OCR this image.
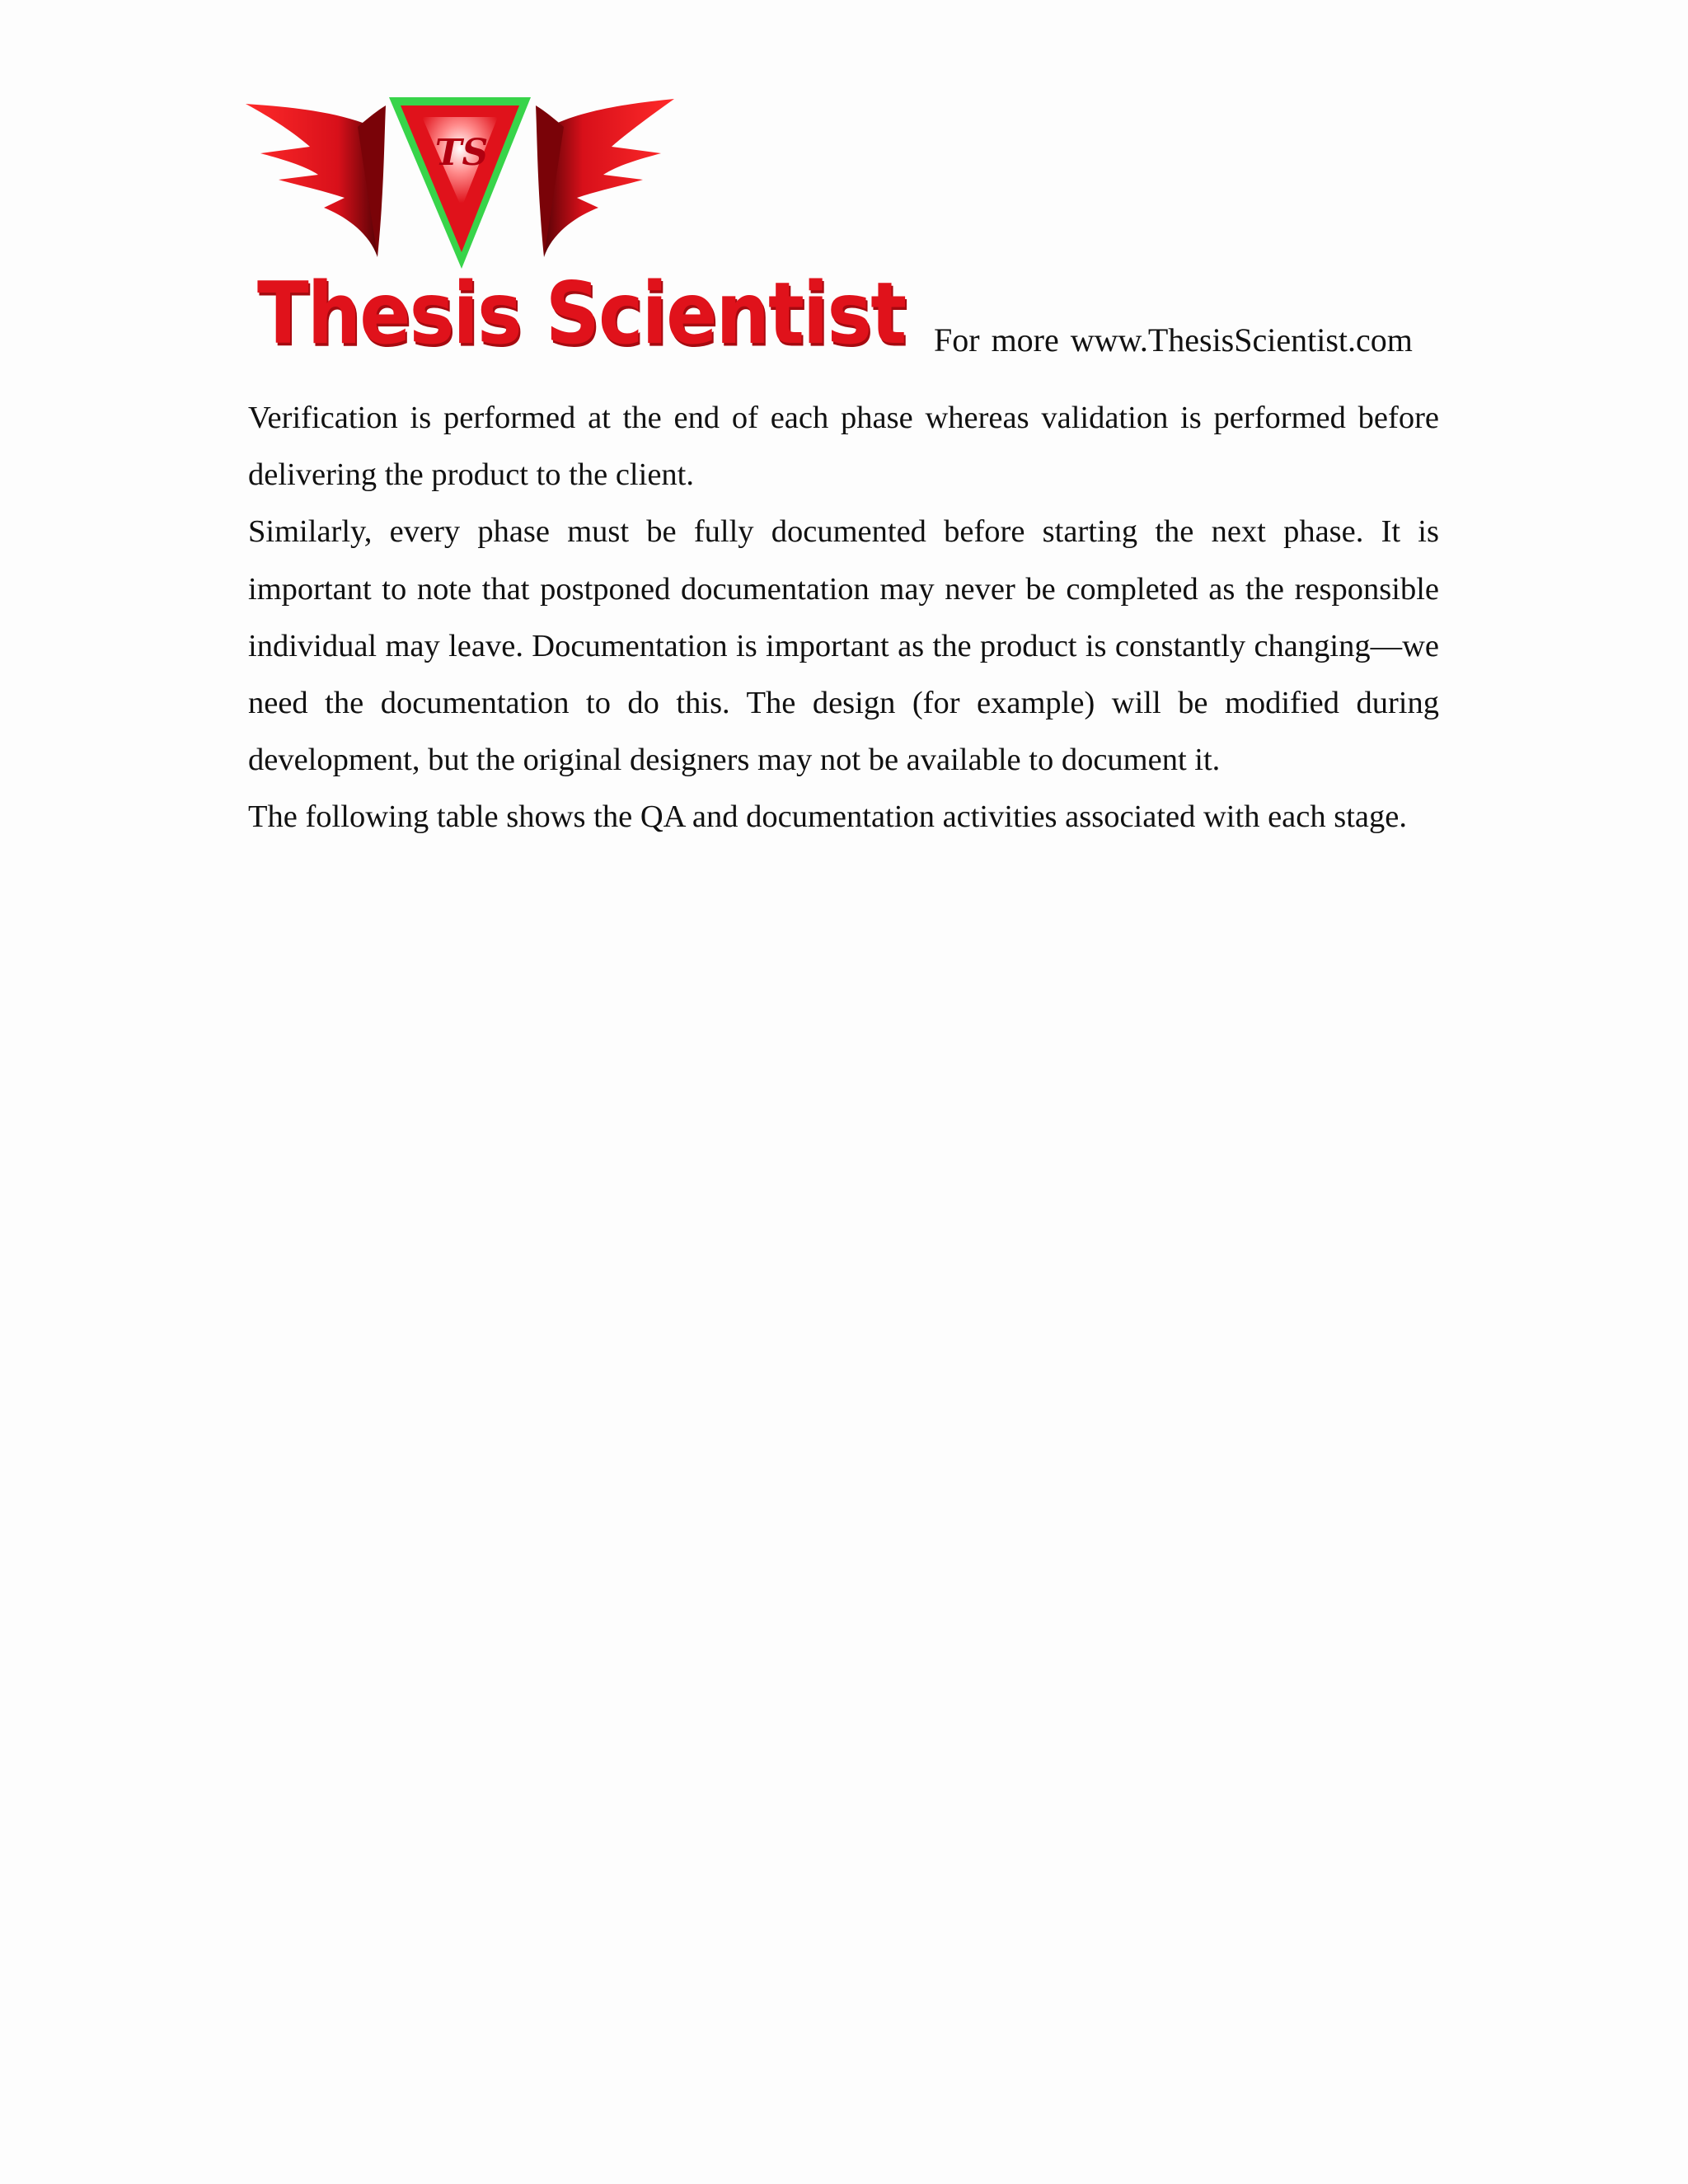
TS
Thesis Scientist For more www.ThesisScientist.com

Verification is performed at the end of each phase whereas validation is performed before delivering the product to the client.

Similarly, every phase must be fully documented before starting the next phase. It is important to note that postponed documentation may never be completed as the responsible individual may leave. Documentation is important as the product is constantly changing—we need the documentation to do this. The design (for example) will be modified during development, but the original designers may not be available to document it.

The following table shows the QA and documentation activities associated with each stage.
